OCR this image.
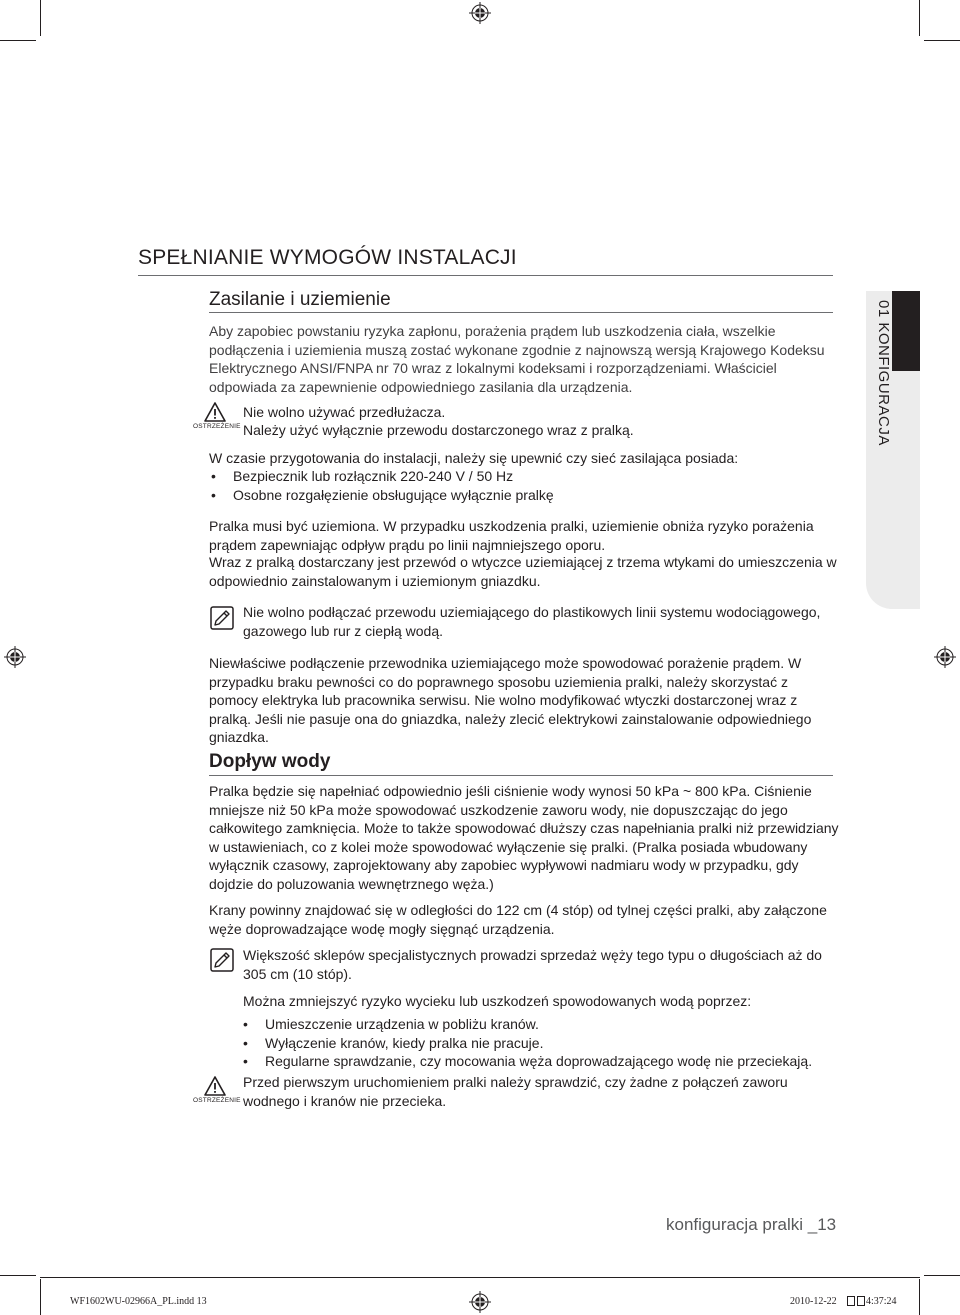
SPEŁNIANIE WYMOGÓW INSTALACJI
01 KONFIGURACJA
Zasilanie i uziemienie

Aby zapobiec powstaniu ryzyka zapłonu, porażenia prądem lub uszkodzenia ciała, wszelkie podłączenia i uziemienia muszą zostać wykonane zgodnie z najnowszą wersją Krajowego Kodeksu Elektrycznego ANSI/FNPA nr 70 wraz z lokalnymi kodeksami i rozporządzeniami. Właściciel odpowiada za zapewnienie odpowiedniego zasilania dla urządzenia.

OSTRZEŻENIE

Nie wolno używać przedłużacza.

Należy użyć wyłącznie przewodu dostarczonego wraz z pralką.

W czasie przygotowania do instalacji, należy się upewnić czy sieć zasilająca posiada:

• Bezpiecznik lub rozłącznik 220-240 V / 50 Hz
• Osobne rozgałęzienie obsługujące wyłącznie pralkę

Pralka musi być uziemiona. W przypadku uszkodzenia pralki, uziemienie obniża ryzyko porażenia prądem zapewniając odpływ prądu po linii najmniejszego oporu.

Wraz z pralką dostarczany jest przewód o wtyczce uziemiającej z trzema wtykami do umieszczenia w odpowiednio zainstalowanym i uziemionym gniazdku.

Nie wolno podłączać przewodu uziemiającego do plastikowych linii systemu wodociągowego, gazowego lub rur z ciepłą wodą.

Niewłaściwe podłączenie przewodnika uziemiającego może spowodować porażenie prądem. W przypadku braku pewności co do poprawnego sposobu uziemienia pralki, należy skorzystać z pomocy elektryka lub pracownika serwisu. Nie wolno modyfikować wtyczki dostarczonej wraz z pralką. Jeśli nie pasuje ona do gniazdka, należy zlecić elektrykowi zainstalowanie odpowiedniego gniazdka.

Dopływ wody

Pralka będzie się napełniać odpowiednio jeśli ciśnienie wody wynosi 50 kPa ~ 800 kPa. Ciśnienie mniejsze niż 50 kPa może spowodować uszkodzenie zaworu wody, nie dopuszczając do jego całkowitego zamknięcia. Może to także spowodować dłuższy czas napełniania pralki niż przewidziany w ustawieniach, co z kolei może spowodować wyłączenie się pralki. (Pralka posiada wbudowany wyłącznik czasowy, zaprojektowany aby zapobiec wypływowi nadmiaru wody w przypadku, gdy dojdzie do poluzowania wewnętrznego węża.)

Krany powinny znajdować się w odległości do 122 cm (4 stóp) od tylnej części pralki, aby załączone węże doprowadzające wodę mogły sięgnąć urządzenia.

Większość sklepów specjalistycznych prowadzi sprzedaż węży tego typu o długościach aż do 305 cm (10 stóp).

Można zmniejszyć ryzyko wycieku lub uszkodzeń spowodowanych wodą poprzez:

• Umieszczenie urządzenia w pobliżu kranów.
• Wyłączenie kranów, kiedy pralka nie pracuje.
• Regularne sprawdzanie, czy mocowania węża doprowadzającego wodę nie przeciekają.
OSTRZEŻENIE

Przed pierwszym uruchomieniem pralki należy sprawdzić, czy żadne z połączeń zaworu wodnego i kranów nie przecieka.

konfiguracja pralki _13
WF1602WU-02966A_PL.indd 13	2010-12-22	4:37:24
